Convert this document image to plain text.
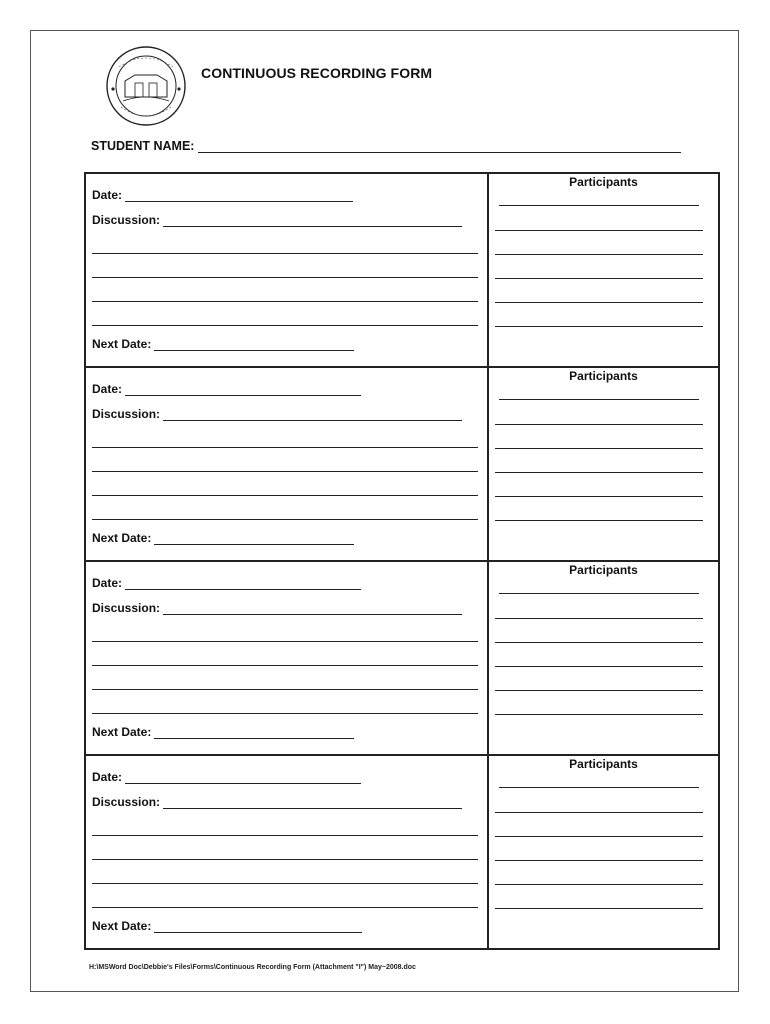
CONTINUOUS RECORDING FORM
STUDENT NAME:
Date:
Discussion:
Next Date:
Participants
Date:
Discussion:
Next Date:
Participants
Date:
Discussion:
Next Date:
Participants
Date:
Discussion:
Next Date:
Participants
H:\MSWord Doc\Debbie's Files\Forms\Continuous Recording Form (Attachment "I") May~2008.doc
